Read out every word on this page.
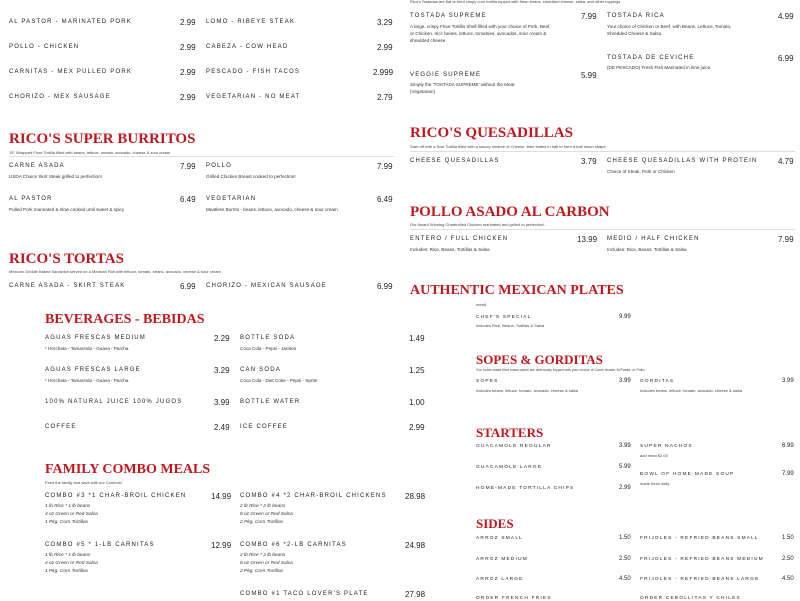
AL PASTOR - MARINATED PORK	2.99
POLLO - CHICKEN	2.99
CARNITAS - MEX PULLED PORK	2.99
CHORIZO - MEX SAUSAGE	2.99
LOMO - RIBEYE STEAK	3.29
CABEZA - COW HEAD	2.99
PESCADO - FISH TACOS	2.999
VEGETARIAN - NO MEAT	2.79
Rico's Tostadas are flat or fried crispy corn tortilla topped with fresh beans, shredded cheese, salsa, and other toppings
TOSTADA SUPREME	7.99
A large, crispy Flour Tortilla Shell filled with your choice of Pork, Beef, or Chicken. Incl: beans, lettuce, tomatoes, avocados, sour cream & shredded cheese
TOSTADA RICA	4.99
Your choice of Chicken or Beef, with Beans, Lettuce, Tomato, Shredded Cheese & Salsa
TOSTADA DE CEVICHE	6.99
(DE PESCADO) Fresh Fish Marinated in lime juice.
VEGGIE SUPREME	5.99
Simply the 'TOSTADA SUPREME' without the Meat (Vegetarian)
RICO'S SUPER BURRITOS
15" Wrapped Flour Tortilla filled with beans, lettuce, tomato, avocado, cheese & sour cream
CARNE ASADA	7.99
USDA Choice Skirt Steak grilled to perfection!
POLLO	7.99
Grilled Chicken Breast cooked to perfection!
AL PASTOR	6.49
Pulled Pork marinated & slow cooked until sweet & spicy
VEGETARIAN	6.49
Meatless Burrito - beans, lettuce, avocado, cheese & sour cream
RICO'S TORTAS
Mexican Griddle Baked Sandwich served on a Mexican Roll with lettuce, tomato, beans, avocado, cheese & sour cream
CARNE ASADA - SKIRT STEAK	6.99 CHORIZO - MEXICAN SAUSAGE	6.99
RICO'S QUESADILLAS
Start off with a flour Tortilla filled with a savory mixture of Cheese, then folded in half to form a half moon shape.
CHEESE QUESADILLAS	3.79 CHEESE QUESADILLAS WITH PROTEIN	4.79
Choice of Steak, Pork or Chicken
POLLO ASADO AL CARBON
Our Award Winning Charbroiled Chicken marinated and grilled to perfection!
ENTERO / FULL CHICKEN	13.99
Includes: Rice, Beans, Tortillas & Salsa
MEDIO / HALF CHICKEN	7.99
Includes: Rice, Beans, Tortillas & Salsa
AUTHENTIC MEXICAN PLATES
meat)
CHEF'S SPECIAL	9.99
Includes Rice, Beans, Tortillas & Salsa
BEVERAGES - BEBIDAS
AGUAS FRESCAS MEDIUM	2.29
* Horchata - Tamarindo - Guava - Parcha
BOTTLE SODA	1.49
Coca Cola - Pepsi - Jarritos
AGUAS FRESCAS LARGE	3.29
* Horchata - Tamarindo - Guava - Parcha
CAN SODA	1.25
Coca Cola - Diet Coke - Pepsi - Sprite
100% NATURAL JUICE 100% JUGOS	3.99 BOTTLE WATER	1.00
COFFEE	2.49 ICE COFFEE	2.99
SOPES & GORDITAS
Our home made fried masa cakes are deliciously topped with your choice of Carne Asada, Al Pastor, or Pollo.
SOPES	3.99
Includes beans, lettuce, tomato, avocado, cheese & salsa
GORDITAS	3.99
Includes beans, lettuce, tomato, avocado, cheese & salsa
STARTERS
GUACAMOLE REGULAR	3.99 SUPER NACHOS	6.99
add meat $2.00
GUACAMOLE LARGE	5.99
BOWL OF HOME-MADE SOUP	7.99
made fresh daily
HOME-MADE TORTILLA CHIPS	2.99
FAMILY COMBO MEALS
Feed the family and save with our Combos!
COMBO #3 *1 CHAR-BROIL CHICKEN	14.99
1 lb Rice * 1 lb beans
4 oz Green or Red Salsa
1 Pkg. Corn Tortillas
COMBO #4 *2 CHAR-BROIL CHICKENS 28.98
2 lb Rice * 2 lb beans
8 oz Green or Red Salsa
2 Pkg. Corn Tortillas
COMBO #5 * 1-LB CARNITAS	12.99
1 lb Rice * 1 lb beans
4 oz Green or Red Salsa
1 Pkg. Corn Tortillas
COMBO #6 *2-LB CARNITAS	24.98
2 lb Rice * 2 lb beans
8 oz Green or Red Salsa
2 Pkg. Corn Tortillas
COMBO #1 TACO LOVER'S PLATE	27.98
SIDES
ARROZ SMALL	1.50 FRIJOLES - REFRIED BEANS SMALL	1.50
ARROZ MEDIUM	2.50 FRIJOLES - REFRIED BEANS MEDIUM	2.50
ARROZ LARGE	4.50 FRIJOLES - REFRIED BEANS LARGE	4.50
ORDER FRENCH FRIES	ORDER CEBOLLITAS Y CHILES
